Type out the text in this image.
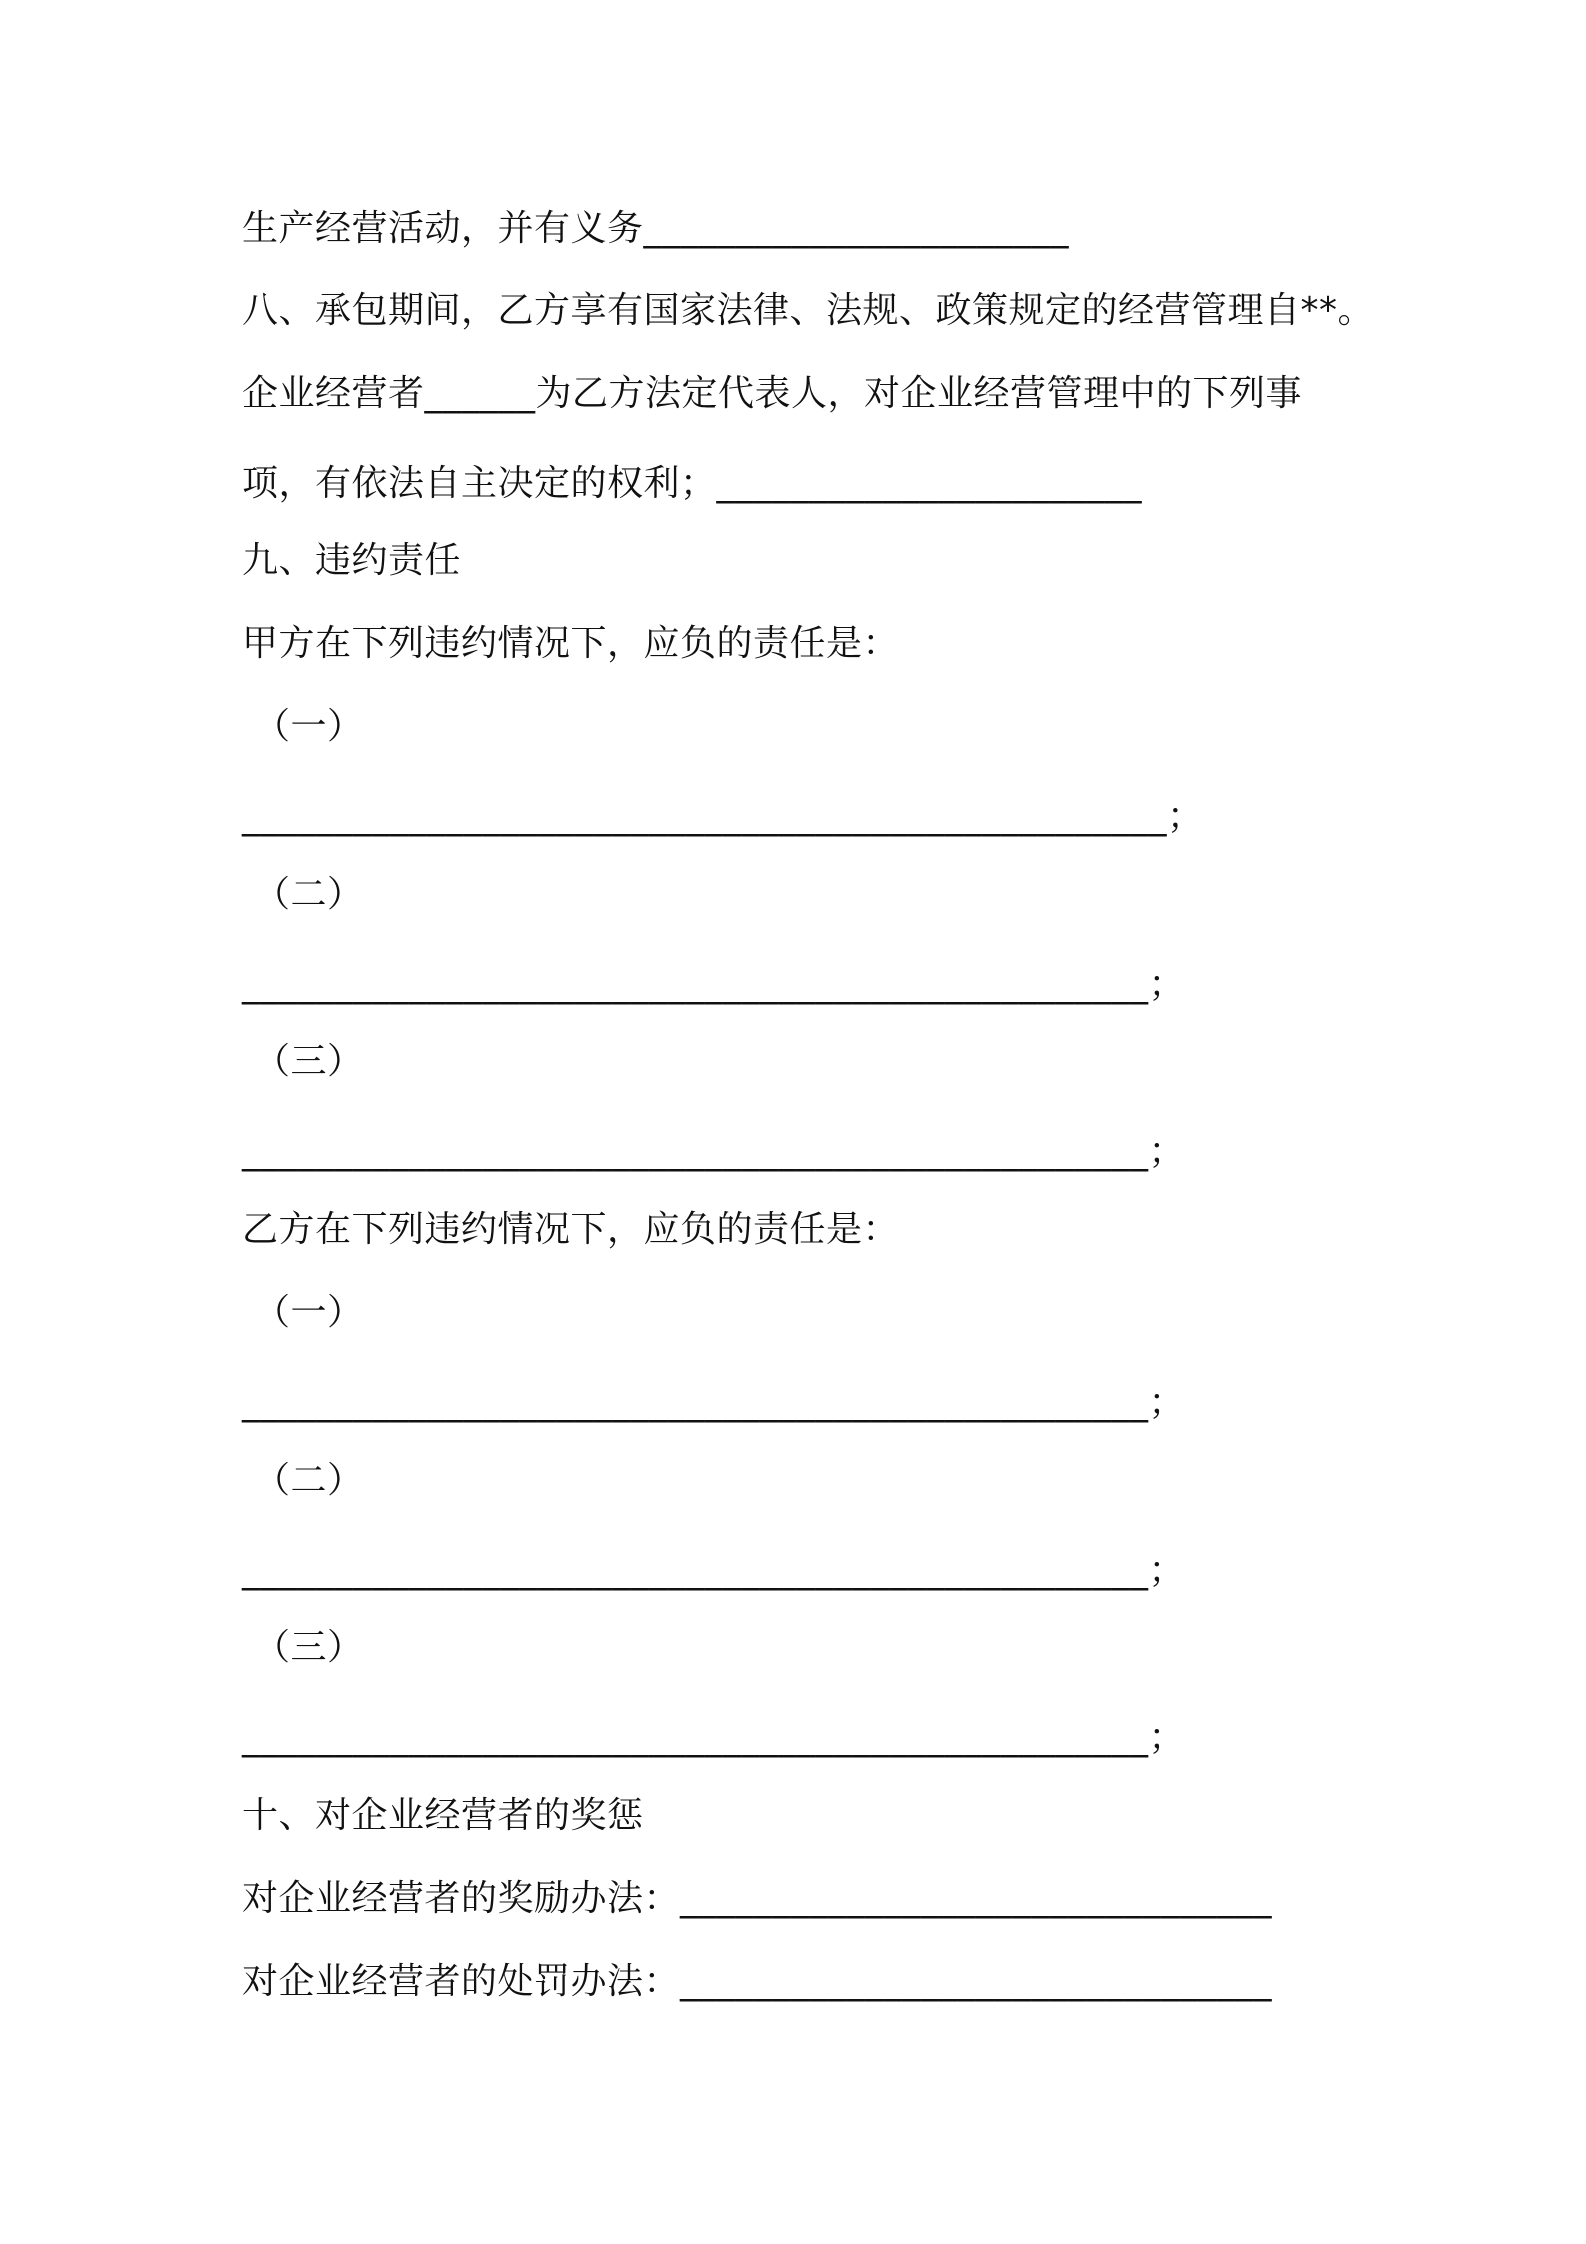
生产经营活动，并有义务_______________________
八、承包期间，乙方享有国家法律、法规、政策规定的经营管理自**。
企业经营者______为乙方法定代表人，对企业经营管理中的下列事
项，有依法自主决定的权利；_______________________
九、违约责任
甲方在下列违约情况下，应负的责任是：
（一）
__________________________________________________；
（二）
_________________________________________________；
（三）
_________________________________________________；
乙方在下列违约情况下，应负的责任是：
（一）
_________________________________________________；
（二）
_________________________________________________；
（三）
_________________________________________________；
十、对企业经营者的奖惩
对企业经营者的奖励办法：________________________________
对企业经营者的处罚办法：________________________________
